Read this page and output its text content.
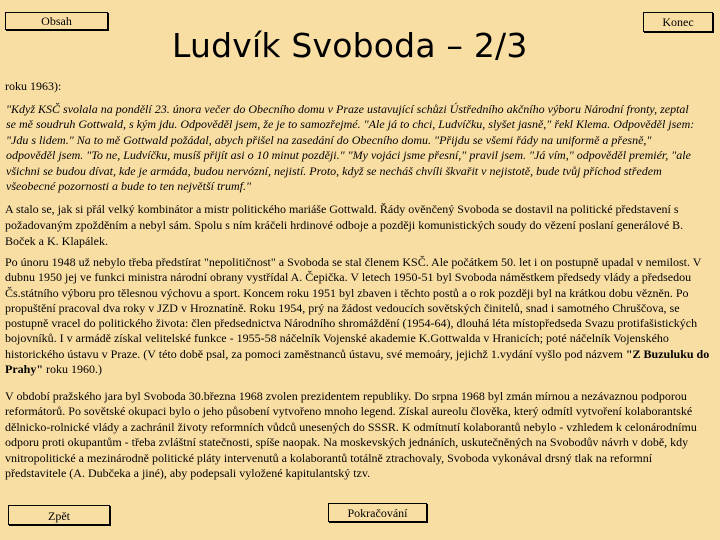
Obsah	Konec
Ludvík Svoboda – 2/3

roku 1963):

"Když KSČ svolala na pondělí 23. února večer do Obecního domu v Praze ustavující schůzi Ústředního akčního výboru Národní fronty, zeptal se mě soudruh Gottwald, s kým jdu. Odpověděl jsem, že je to samozřejmé. "Ale já to chci, Ludvíčku, slyšet jasně," řekl Klema. Odpověděl jsem: "Jdu s lidem." Na to mě Gottwald požádal, abych přišel na zasedání do Obecního domu. "Přijdu se všemi řády na uniformě a přesně," odpověděl jsem. "To ne, Ludvíčku, musíš přijít asi o 10 minut později." "My vojáci jsme přesní," pravil jsem. "Já vím," odpověděl premiér, "ale všichni se budou dívat, kde je armáda, budou nervózní, nejistí. Proto, když se necháš chvíli škvařit v nejistotě, bude tvůj příchod středem všeobecné pozornosti a bude to ten největší trumf."

A stalo se, jak si přál velký kombinátor a mistr politického mariáše Gottwald. Řády ověnčený Svoboda se dostavil na politické představení s požadovaným zpožděním a nebyl sám. Spolu s ním kráčeli hrdinové odboje a později komunistických soudy do vězení poslaní generálové B. Boček a K. Klapálek.

Po únoru 1948 už nebylo třeba předstírat "nepolitičnost" a Svoboda se stal členem KSČ. Ale počátkem 50. let i on postupně upadal v nemilost. V dubnu 1950 jej ve funkci ministra národní obrany vystřídal A. Čepička. V letech 1950-51 byl Svoboda náměstkem předsedy vlády a předsedou Čs.státního výboru pro tělesnou výchovu a sport. Koncem roku 1951 byl zbaven i těchto postů a o rok později byl na krátkou dobu vězněn. Po propuštění pracoval dva roky v JZD v Hroznatíně. Roku 1954, prý na žádost vedoucích sovětských činitelů, snad i samotného Chruščova, se postupně vracel do politického života: člen předsednictva Národního shromáždění (1954-64), dlouhá léta místopředseda Svazu protifašistických bojovníků. I v armádě získal velitelské funkce - 1955-58 náčelník Vojenské akademie K.Gottwalda v Hranicích; poté náčelník Vojenského historického ústavu v Praze. (V této době psal, za pomoci zaměstnanců ústavu, své memoáry, jejichž 1.vydání vyšlo pod názvem "Z Buzuluku do Prahy" roku 1960.)

V období pražského jara byl Svoboda 30.března 1968 zvolen prezidentem republiky. Do srpna 1968 byl zmán mírnou a nezávaznou podporou reformátorů. Po sovětské okupaci bylo o jeho působení vytvořeno mnoho legend. Získal aureolu člověka, který odmítl vytvoření kolaborantské dělnicko-rolnické vlády a zachránil životy reformních vůdců unesených do SSSR. K odmítnutí kolaborantů nebylo - vzhledem k celonárodnímu odporu proti okupantům - třeba zvláštní statečnosti, spíše naopak. Na moskevských jednáních, uskutečněných na Svobodův návrh v době, kdy vnitropolitické a mezinárodně politické pláty intervenutů a kolaborantů totálně ztrachovaly, Svoboda vykonával drsný tlak na reformní představitele (A. Dubčeka a jiné), aby podepsali vyložené kapitulantský tzv.

Zpět	Pokračování
